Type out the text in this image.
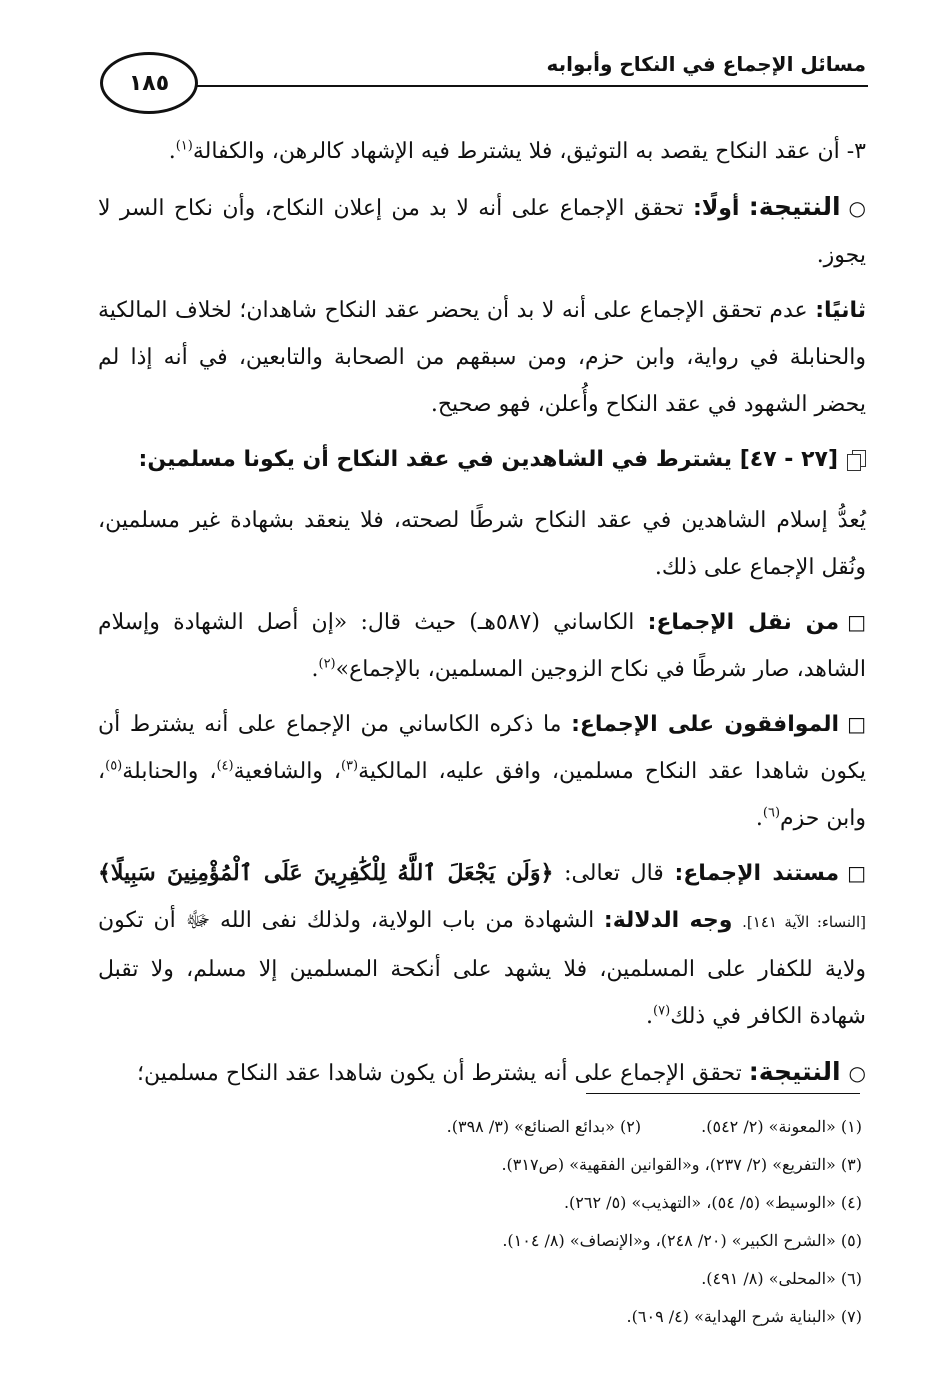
مسائل الإجماع في النكاح وأبوابه
١٨٥

٣- أن عقد النكاح يقصد به التوثيق، فلا يشترط فيه الإشهاد كالرهن، والكفالة$^{(١)}$.

○النتيجة: أولًا: تحقق الإجماع على أنه لا بد من إعلان النكاح، وأن نكاح السر لا يجوز.

ثانيًا: عدم تحقق الإجماع على أنه لا بد أن يحضر عقد النكاح شاهدان؛ لخلاف المالكية والحنابلة في رواية، وابن حزم، ومن سبقهم من الصحابة والتابعين، في أنه إذا لم يحضر الشهود في عقد النكاح وأُعلن، فهو صحيح.

[٢٧ - ٤٧] يشترط في الشاهدين في عقد النكاح أن يكونا مسلمين:

يُعدُّ إسلام الشاهدين في عقد النكاح شرطًا لصحته، فلا ينعقد بشهادة غير مسلمين، ونُقل الإجماع على ذلك.

□من نقل الإجماع: الكاساني (٥٨٧هـ) حيث قال: «إن أصل الشهادة وإسلام الشاهد، صار شرطًا في نكاح الزوجين المسلمين، بالإجماع»$^{(٢)}$.

□الموافقون على الإجماع: ما ذكره الكاساني من الإجماع على أنه يشترط أن يكون شاهدا عقد النكاح مسلمين، وافق عليه، المالكية$^{(٣)}$، والشافعية$^{(٤)}$، والحنابلة$^{(٥)}$، وابن حزم$^{(٦)}$.

□مستند الإجماع: قال تعالى: ﴿وَلَن يَجْعَلَ ٱللَّهُ لِلْكَٰفِرِينَ عَلَى ٱلْمُؤْمِنِينَ سَبِيلًا﴾ [النساء: الآية ١٤١]. وجه الدلالة: الشهادة من باب الولاية، ولذلك نفى الله ﷻ أن تكون ولاية للكفار على المسلمين، فلا يشهد على أنكحة المسلمين إلا مسلم، ولا تقبل شهادة الكافر في ذلك$^{(٧)}$.

○النتيجة: تحقق الإجماع على أنه يشترط أن يكون شاهدا عقد النكاح مسلمين؛

(١) «المعونة» (٢/ ٥٤٢).(٢) «بدائع الصنائع» (٣/ ٣٩٨).
(٣) «التفريع» (٢/ ٢٣٧)، و«القوانين الفقهية» (ص٣١٧).
(٤) «الوسيط» (٥/ ٥٤)، «التهذيب» (٥/ ٢٦٢).
(٥) «الشرح الكبير» (٢٠/ ٢٤٨)، و«الإنصاف» (٨/ ١٠٤).
(٦) «المحلى» (٨/ ٤٩١).
(٧) «البناية شرح الهداية» (٤/ ٦٠٩).
